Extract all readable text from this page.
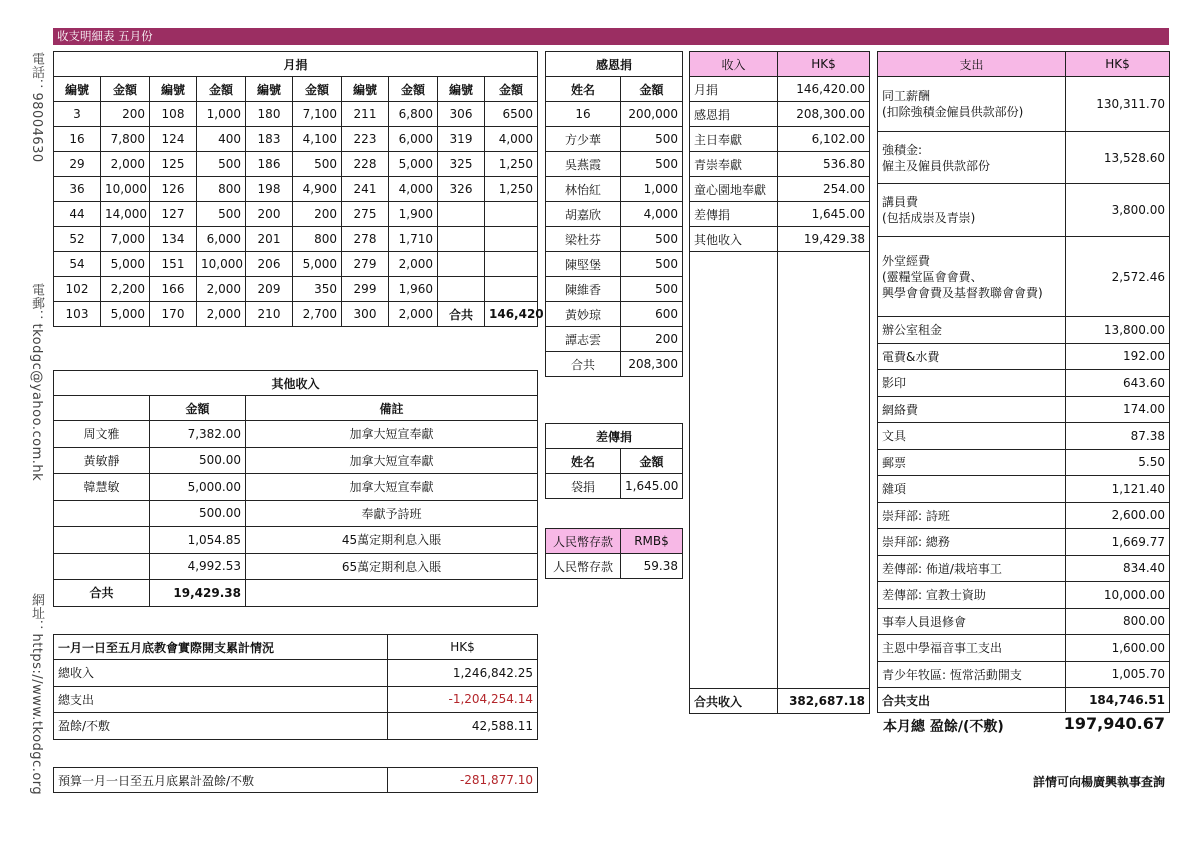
收支明細表 五月份
電話：98004630
電郵：tkodgc@yahoo.com.hk
網址：https://www.tkodgc.org
月捐									
編號	金額	編號	金額	編號	金額	編號	金額	編號	金額
3	200	108	1,000	180	7,100	211	6,800	306	6500
16	7,800	124	400	183	4,100	223	6,000	319	4,000
29	2,000	125	500	186	500	228	5,000	325	1,250
36	10,000	126	800	198	4,900	241	4,000	326	1,250
44	14,000	127	500	200	200	275	1,900		
52	7,000	134	6,000	201	800	278	1,710		
54	5,000	151	10,000	206	5,000	279	2,000		
102	2,200	166	2,000	209	350	299	1,960		
103	5,000	170	2,000	210	2,700	300	2,000	合共	146,420
感恩捐	
姓名	金額
16	200,000
方少華	500
吳燕霞	500
林怡紅	1,000
胡嘉欣	4,000
梁杜芬	500
陳堅堡	500
陳維香	500
黃妙琼	600
譚志雲	200
合共	208,300
差傳捐	
姓名	金額
袋捐	1,645.00
人民幣存款	RMB$
人民幣存款	59.38
收入	HK$
月捐	146,420.00
感恩捐	208,300.00
主日奉獻	6,102.00
青崇奉獻	536.80
童心園地奉獻	254.00
差傳捐	1,645.00
其他收入	19,429.38

合共收入	382,687.18
支出	HK$

同工薪酬
(扣除強積金僱員供款部份)	130,311.70

強積金:
僱主及僱員供款部份	13,528.60

講員費
(包括成崇及青崇)	3,800.00

外堂經費
(靈糧堂區會會費、
興學會會費及基督教聯會會費)	2,572.46
辦公室租金	13,800.00
電費&水費	192.00
影印	643.60
網絡費	174.00
文具	87.38
郵票	5.50
雜項	1,121.40
崇拜部: 詩班	2,600.00
崇拜部: 總務	1,669.77
差傳部: 佈道/栽培事工	834.40
差傳部: 宣教士資助	10,000.00
事奉人員退修會	800.00
主恩中學福音事工支出	1,600.00
青少年牧區: 恆常活動開支	1,005.70
合共支出	184,746.51
本月總 盈餘/(不敷)	197,940.67
其他收入		
	金額	備註
周文雅	7,382.00	加拿大短宣奉獻
黃敏靜	500.00	加拿大短宣奉獻
韓慧敏	5,000.00	加拿大短宣奉獻
	500.00	奉獻予詩班
	1,054.85	45萬定期利息入賬
	4,992.53	65萬定期利息入賬
合共	19,429.38	
一月一日至五月底教會實際開支累計情況	HK$
總收入	1,246,842.25
總支出	-1,204,254.14
盈餘/不敷	42,588.11
預算一月一日至五月底累計盈餘/不敷	-281,877.10	詳情可向楊廣興執事查詢
